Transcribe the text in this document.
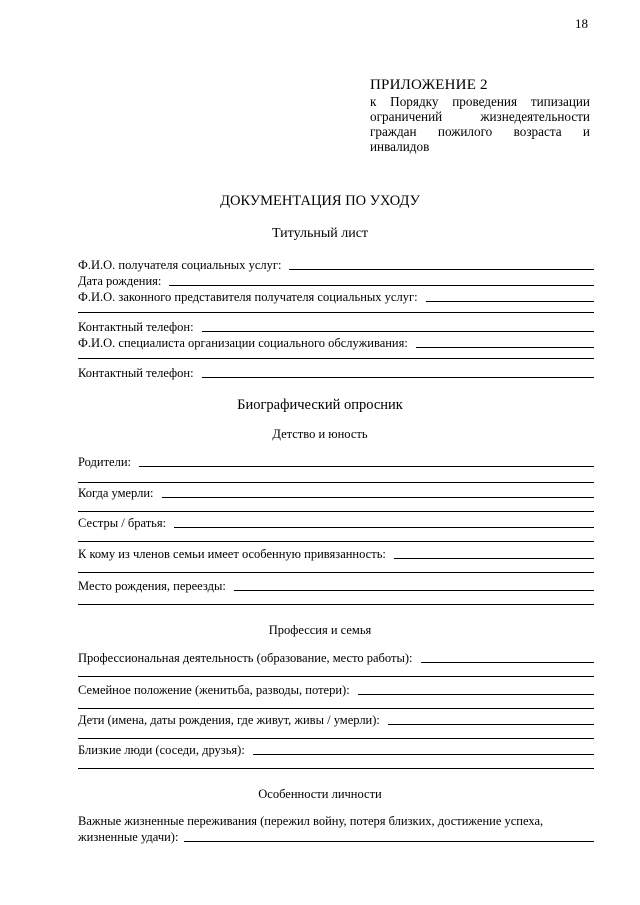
18
ПРИЛОЖЕНИЕ 2
к Порядку проведения типизации ограничений жизнедеятельности граждан пожилого возраста и инвалидов
ДОКУМЕНТАЦИЯ ПО УХОДУ
Титульный лист
Ф.И.О. получателя социальных услуг:
Дата рождения:
Ф.И.О. законного представителя получателя социальных услуг:
Контактный телефон:
Ф.И.О. специалиста организации социального обслуживания:
Контактный телефон:
Биографический опросник
Детство и юность
Родители:
Когда умерли:
Сестры / братья:
К кому из членов семьи имеет особенную привязанность:
Место рождения, переезды:
Профессия и семья
Профессиональная деятельность (образование, место работы):
Семейное положение (женитьба, разводы, потери):
Дети (имена, даты рождения, где живут, живы / умерли):
Близкие люди (соседи, друзья):
Особенности личности
Важные жизненные переживания (пережил войну, потеря близких, достижение успеха,
жизненные удачи):
